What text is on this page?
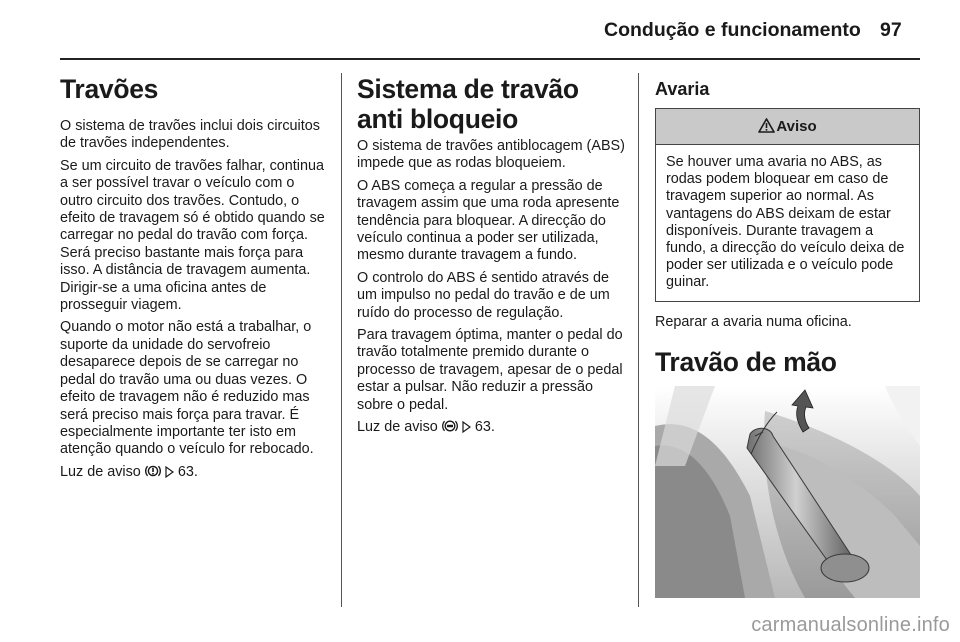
Condução e funcionamento 97
Travões

O sistema de travões inclui dois circuitos de travões independentes.

Se um circuito de travões falhar, continua a ser possível travar o veículo com o outro circuito dos travões. Contudo, o efeito de travagem só é obtido quando se carregar no pedal do travão com força. Será preciso bastante mais força para isso. A distância de travagem aumenta. Dirigir-se a uma oficina antes de prosseguir viagem.

Quando o motor não está a trabalhar, o suporte da unidade do servofreio desaparece depois de se carregar no pedal do travão uma ou duas vezes. O efeito de travagem não é reduzido mas será preciso mais força para travar. É especialmente importante ter isto em atenção quando o veículo for rebocado.

Luz de aviso	63.

Sistema de travão anti bloqueio

O sistema de travões antiblocagem (ABS) impede que as rodas bloqueiem.

O ABS começa a regular a pressão de travagem assim que uma roda apresente tendência para bloquear. A direcção do veículo continua a poder ser utilizada, mesmo durante travagem a fundo.

O controlo do ABS é sentido através de um impulso no pedal do travão e de um ruído do processo de regulação.

Para travagem óptima, manter o pedal do travão totalmente premido durante o processo de travagem, apesar de o pedal estar a pulsar. Não reduzir a pressão sobre o pedal.

Luz de aviso	63.

Avaria
Aviso

Se houver uma avaria no ABS, as rodas podem bloquear em caso de travagem superior ao normal. As vantagens do ABS deixam de estar disponíveis. Durante travagem a fundo, a direcção do veículo deixa de poder ser utilizada e o veículo pode guinar.

Reparar a avaria numa oficina.

Travão de mão
carmanualsonline.info
